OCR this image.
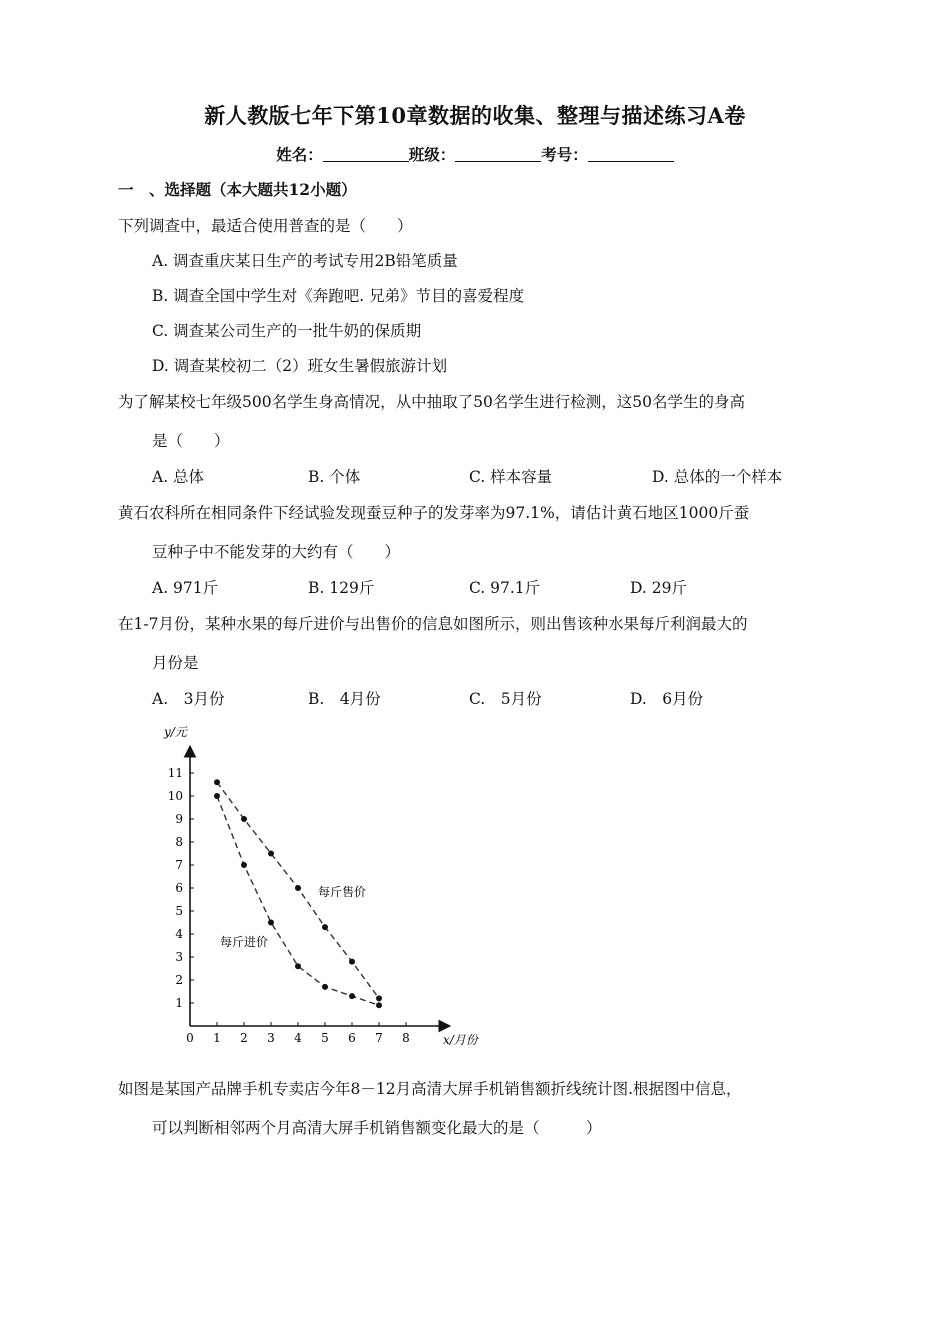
新人教版七年下第10章数据的收集、整理与描述练习A卷
姓名：	班级：	考号：
一　、选择题（本大题共12小题）
下列调查中，最适合使用普查的是（　　）
A. 调查重庆某日生产的考试专用2B铅笔质量
B. 调查全国中学生对《奔跑吧. 兄弟》节目的喜爱程度
C. 调查某公司生产的一批牛奶的保质期
D. 调查某校初二（2）班女生暑假旅游计划
为了解某校七年级500名学生身高情况，从中抽取了50名学生进行检测，这50名学生的身高
是（　　）
A. 总体	B. 个体	C. 样本容量	D. 总体的一个样本
黄石农科所在相同条件下经试验发现蚕豆种子的发芽率为97.1%，请估计黄石地区1000斤蚕
豆种子中不能发芽的大约有（　　）
A. 971斤	B. 129斤	C. 97.1斤	D. 29斤
在1-7月份，某种水果的每斤进价与出售价的信息如图所示，则出售该种水果每斤利润最大的
月份是
A.　3月份	B.　4月份	C.　5月份	D.　6月份
y/元
x/月份
0 1 2 3 4 5 6 7 8
1
2
3
4
5
6
7
8
9
10
11
每斤售价
每斤进价
如图是某国产品牌手机专卖店今年8－12月高清大屏手机销售额折线统计图.根据图中信息，
可以判断相邻两个月高清大屏手机销售额变化最大的是（　　　）
